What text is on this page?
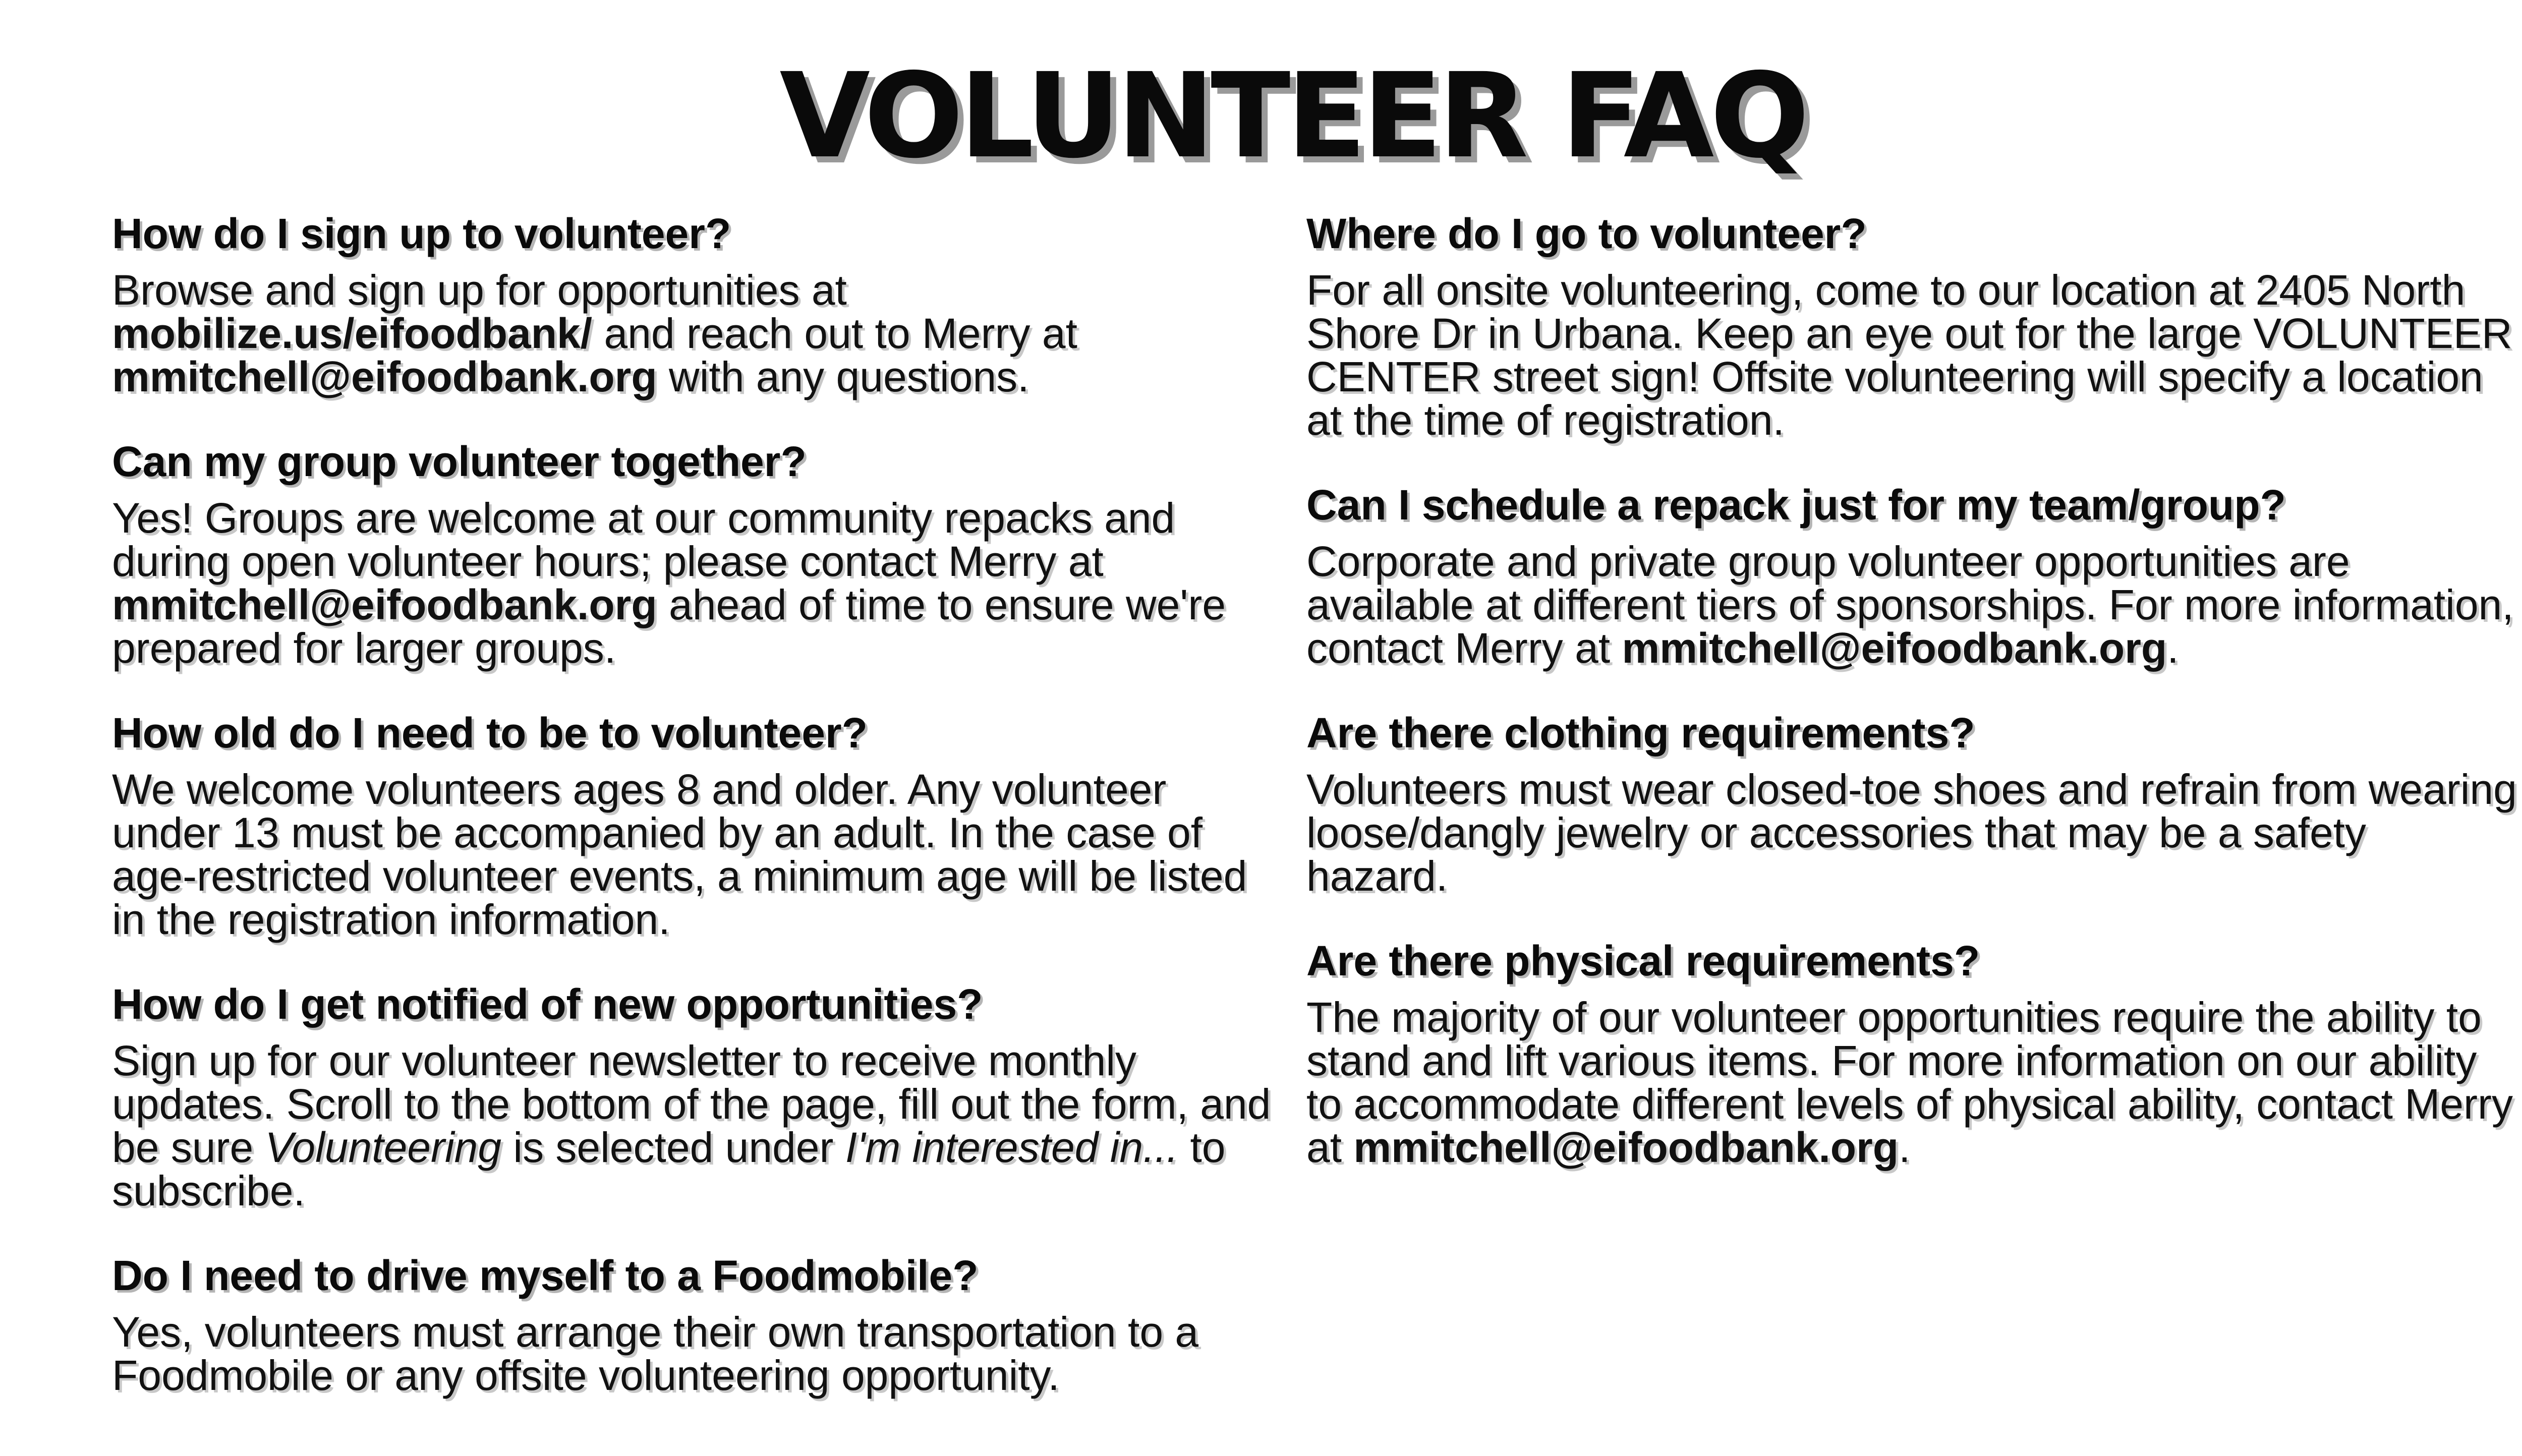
VOLUNTEER FAQ

How do I sign up to volunteer?

Browse and sign up for opportunities at mobilize.us/eifoodbank/ and reach out to Merry at mmitchell@eifoodbank.org with any questions.

Can my group volunteer together?

Yes! Groups are welcome at our community repacks and during open volunteer hours; please contact Merry at mmitchell@eifoodbank.org ahead of time to ensure we're prepared for larger groups.

How old do I need to be to volunteer?

We welcome volunteers ages 8 and older. Any volunteer under 13 must be accompanied by an adult. In the case of age-restricted volunteer events, a minimum age will be listed in the registration information.

How do I get notified of new opportunities?

Sign up for our volunteer newsletter to receive monthly updates. Scroll to the bottom of the page, fill out the form, and be sure Volunteering is selected under I'm interested in... to subscribe.

Do I need to drive myself to a Foodmobile?

Yes, volunteers must arrange their own transportation to a Foodmobile or any offsite volunteering opportunity.

Where do I go to volunteer?

For all onsite volunteering, come to our location at 2405 North Shore Dr in Urbana. Keep an eye out for the large VOLUNTEER CENTER street sign! Offsite volunteering will specify a location at the time of registration.

Can I schedule a repack just for my team/group?

Corporate and private group volunteer opportunities are available at different tiers of sponsorships. For more information, contact Merry at mmitchell@eifoodbank.org.

Are there clothing requirements?

Volunteers must wear closed-toe shoes and refrain from wearing loose/dangly jewelry or accessories that may be a safety hazard.

Are there physical requirements?

The majority of our volunteer opportunities require the ability to stand and lift various items. For more information on our ability to accommodate different levels of physical ability, contact Merry at mmitchell@eifoodbank.org.
